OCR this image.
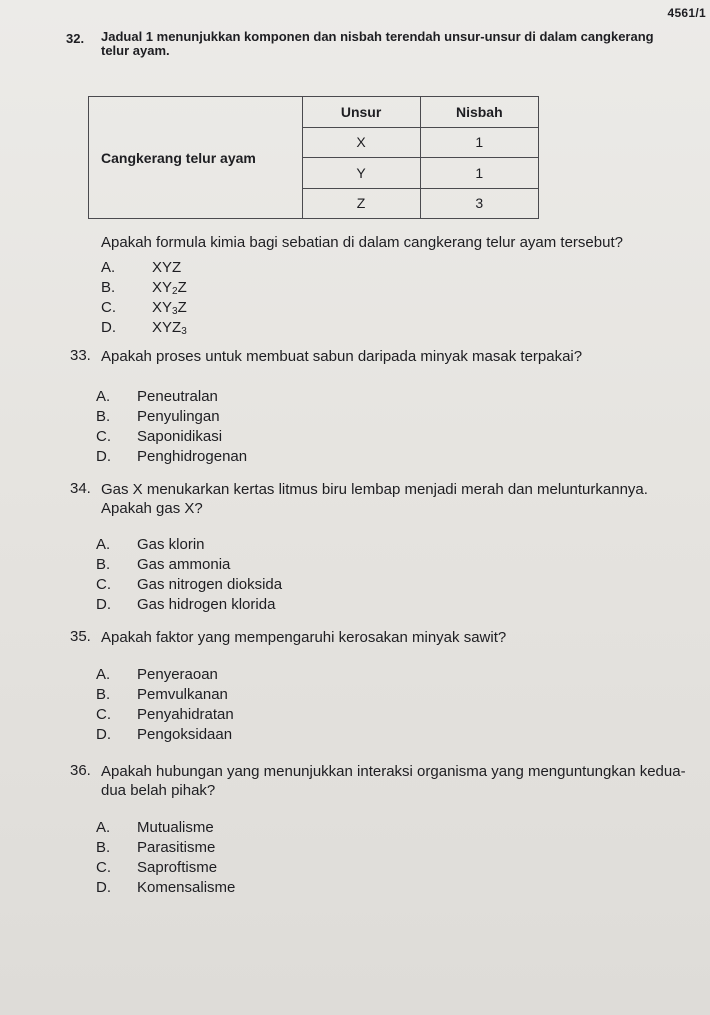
4561/1
32. Jadual 1 menunjukkan komponen dan nisbah terendah unsur-unsur di dalam cangkerang telur ayam.
Cangkerang telur ayam	Unsur	Nisbah
	X	1
	Y	1
	Z	3
Apakah formula kimia bagi sebatian di dalam cangkerang telur ayam tersebut?
A.	XYZ
B.	$XY_2Z$
C.	$XY_3Z$
D.	$XYZ_3$
33. Apakah proses untuk membuat sabun daripada minyak masak terpakai?
A.	Peneutralan
B.	Penyulingan
C.	Saponidikasi
D.	Penghidrogenan
34. Gas X menukarkan kertas litmus biru lembap menjadi merah dan melunturkannya. Apakah gas X?
A.	Gas klorin
B.	Gas ammonia
C.	Gas nitrogen dioksida
D.	Gas hidrogen klorida
35. Apakah faktor yang mempengaruhi kerosakan minyak sawit?
A.	Penyeraoan
B.	Pemvulkanan
C.	Penyahidratan
D.	Pengoksidaan
36. Apakah hubungan yang menunjukkan interaksi organisma yang menguntungkan kedua-dua belah pihak?
A.	Mutualisme
B.	Parasitisme
C.	Saproftisme
D.	Komensalisme
